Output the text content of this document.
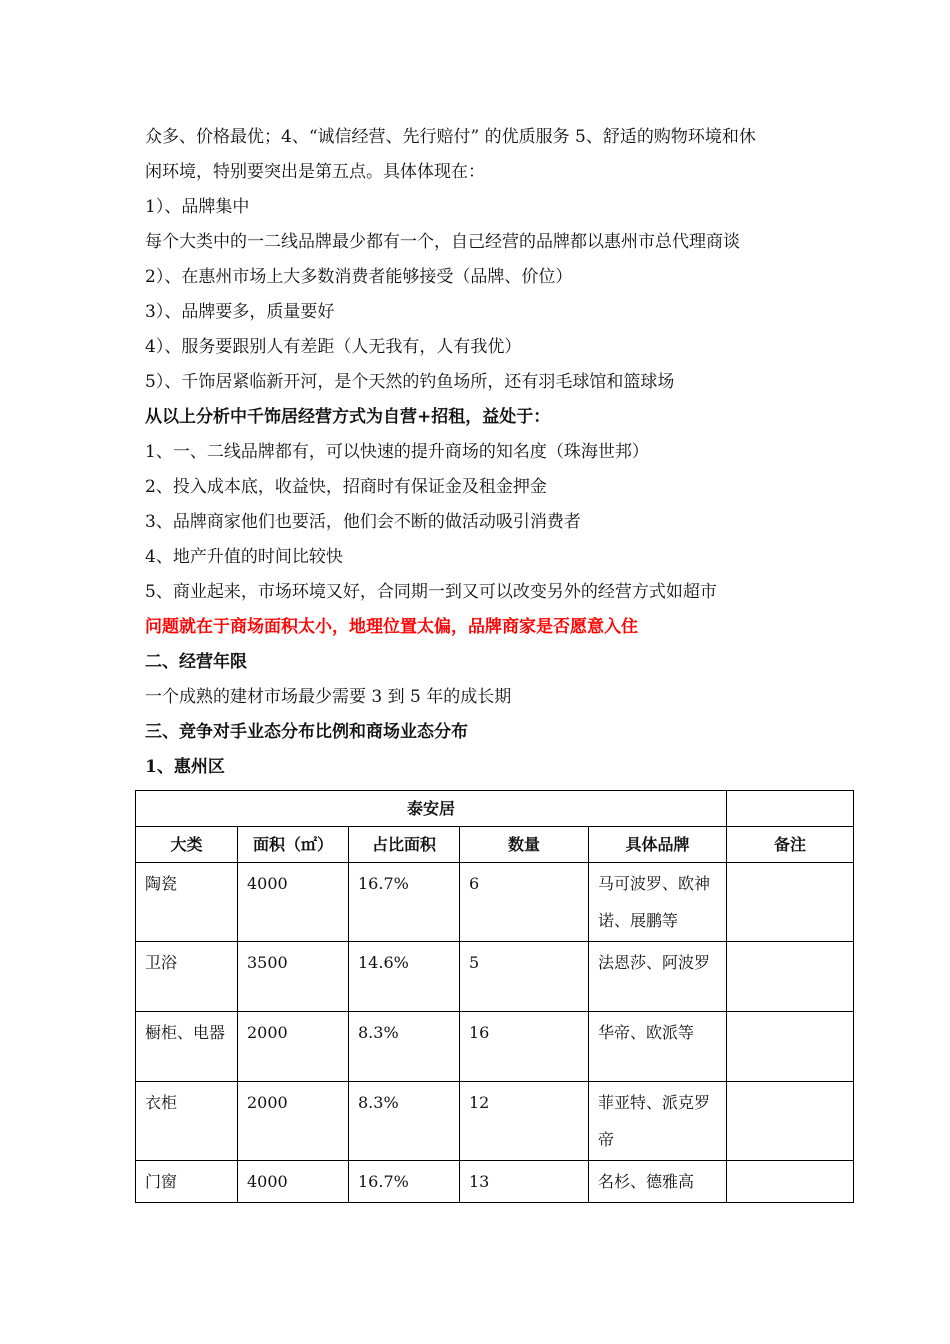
众多、价格最优；4、“诚信经营、先行赔付” 的优质服务 5、舒适的购物环境和休
闲环境，特别要突出是第五点。具体体现在：
1）、品牌集中
每个大类中的一二线品牌最少都有一个，自己经营的品牌都以惠州市总代理商谈
2）、在惠州市场上大多数消费者能够接受（品牌、价位）
3）、品牌要多，质量要好
4）、服务要跟别人有差距（人无我有，人有我优）
5）、千饰居紧临新开河，是个天然的钓鱼场所，还有羽毛球馆和篮球场
从以上分析中千饰居经营方式为自营+招租，益处于：
1、一、二线品牌都有，可以快速的提升商场的知名度（珠海世邦）
2、投入成本底，收益快，招商时有保证金及租金押金
3、品牌商家他们也要活，他们会不断的做活动吸引消费者
4、地产升值的时间比较快
5、商业起来，市场环境又好，合同期一到又可以改变另外的经营方式如超市
问题就在于商场面积太小，地理位置太偏，品牌商家是否愿意入住
二、经营年限
一个成熟的建材市场最少需要 3 到 5 年的成长期
三、竞争对手业态分布比例和商场业态分布
1、惠州区
泰安居					
大类	面积（㎡）	占比面积	数量	具体品牌	备注
陶瓷	4000	16.7%	6	马可波罗、欧神诺、展鹏等	
卫浴	3500	14.6%	5	法恩莎、阿波罗	
橱柜、电器	2000	8.3%	16	华帝、欧派等	
衣柜	2000	8.3%	12	菲亚特、派克罗帝	
门窗	4000	16.7%	13	名杉、德雅高	
